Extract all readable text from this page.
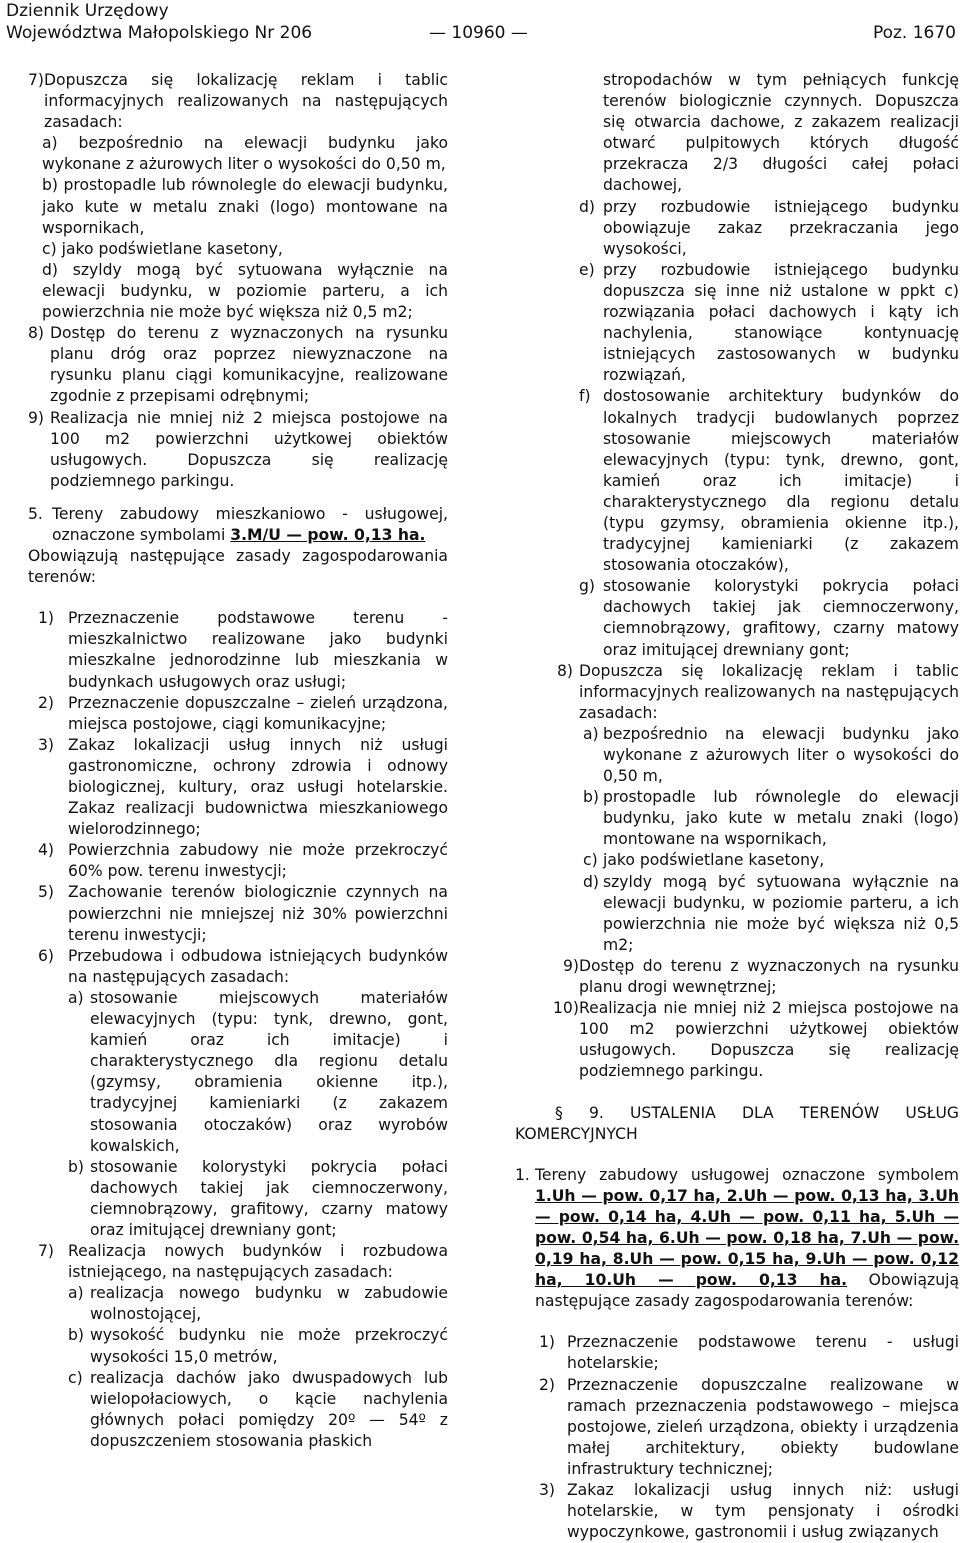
Dziennik Urzędowy
Województwa Małopolskiego Nr 206	— 10960 —	Poz. 1670
7) Dopuszcza się lokalizację reklam i tablic informacyjnych realizowanych na następujących zasadach:

a) bezpośrednio na elewacji budynku jako wykonane z ażurowych liter o wysokości do 0,50 m,

b) prostopadle lub równolegle do elewacji budynku, jako kute w metalu znaki (logo) montowane na wspornikach,

c) jako podświetlane kasetony,

d) szyldy mogą być sytuowana wyłącznie na elewacji budynku, w poziomie parteru, a ich powierzchnia nie może być większa niż 0,5 m2;

8) Dostęp do terenu z wyznaczonych na rysunku planu dróg oraz poprzez niewyznaczone na rysunku planu ciągi komunikacyjne, realizowane zgodnie z przepisami odrębnymi;
9) Realizacja nie mniej niż 2 miejsca postojowe na 100 m2 powierzchni użytkowej obiektów usługowych. Dopuszcza się realizację podziemnego parkingu.
5. Tereny zabudowy mieszkaniowo - usługowej, oznaczone symbolami 3.M/U — pow. 0,13 ha.

Obowiązują następujące zasady zagospodarowania terenów:

1) Przeznaczenie podstawowe terenu - mieszkalnictwo realizowane jako budynki mieszkalne jednorodzinne lub mieszkania w budynkach usługowych oraz usługi;
2) Przeznaczenie dopuszczalne – zieleń urządzona, miejsca postojowe, ciągi komunikacyjne;
3) Zakaz lokalizacji usług innych niż usługi gastronomiczne, ochrony zdrowia i odnowy biologicznej, kultury, oraz usługi hotelarskie. Zakaz realizacji budownictwa mieszkaniowego wielorodzinnego;
4) Powierzchnia zabudowy nie może przekroczyć 60% pow. terenu inwestycji;
5) Zachowanie terenów biologicznie czynnych na powierzchni nie mniejszej niż 30% powierzchni terenu inwestycji;
6) Przebudowa i odbudowa istniejących budynków na następujących zasadach:
a) stosowanie miejscowych materiałów elewacyjnych (typu: tynk, drewno, gont, kamień oraz ich imitacje) i charakterystycznego dla regionu detalu (gzymsy, obramienia okienne itp.), tradycyjnej kamieniarki (z zakazem stosowania otoczaków) oraz wyrobów kowalskich,
b) stosowanie kolorystyki pokrycia połaci dachowych takiej jak ciemnoczerwony, ciemnobrązowy, grafitowy, czarny matowy oraz imitującej drewniany gont;
7) Realizacja nowych budynków i rozbudowa istniejącego, na następujących zasadach:
a) realizacja nowego budynku w zabudowie wolnostojącej,
b) wysokość budynku nie może przekroczyć wysokości 15,0 metrów,
c) realizacja dachów jako dwuspadowych lub wielopołaciowych, o kącie nachylenia głównych połaci pomiędzy 20º — 54º z dopuszczeniem stosowania płaskich

stropodachów w tym pełniących funkcję terenów biologicznie czynnych. Dopuszcza się otwarcia dachowe, z zakazem realizacji otwarć pulpitowych których długość przekracza 2/3 długości całej połaci dachowej,

d) przy rozbudowie istniejącego budynku obowiązuje zakaz przekraczania jego wysokości,
e) przy rozbudowie istniejącego budynku dopuszcza się inne niż ustalone w ppkt c) rozwiązania połaci dachowych i kąty ich nachylenia, stanowiące kontynuację istniejących zastosowanych w budynku rozwiązań,
f) dostosowanie architektury budynków do lokalnych tradycji budowlanych poprzez stosowanie miejscowych materiałów elewacyjnych (typu: tynk, drewno, gont, kamień oraz ich imitacje) i charakterystycznego dla regionu detalu (typu gzymsy, obramienia okienne itp.), tradycyjnej kamieniarki (z zakazem stosowania otoczaków),
g) stosowanie kolorystyki pokrycia połaci dachowych takiej jak ciemnoczerwony, ciemnobrązowy, grafitowy, czarny matowy oraz imitującej drewniany gont;
8) Dopuszcza się lokalizację reklam i tablic informacyjnych realizowanych na następujących zasadach:
a) bezpośrednio na elewacji budynku jako wykonane z ażurowych liter o wysokości do 0,50 m,
b) prostopadle lub równolegle do elewacji budynku, jako kute w metalu znaki (logo) montowane na wspornikach,
c) jako podświetlane kasetony,
d) szyldy mogą być sytuowana wyłącznie na elewacji budynku, w poziomie parteru, a ich powierzchnia nie może być większa niż 0,5 m2;
9) Dostęp do terenu z wyznaczonych na rysunku planu drogi wewnętrznej;
10) Realizacja nie mniej niż 2 miejsca postojowe na 100 m2 powierzchni użytkowej obiektów usługowych. Dopuszcza się realizację podziemnego parkingu.

§ 9. USTALENIA DLA TERENÓW USŁUG KOMERCYJNYCH

1. Tereny zabudowy usługowej oznaczone symbolem 1.Uh — pow. 0,17 ha, 2.Uh — pow. 0,13 ha, 3.Uh — pow. 0,14 ha, 4.Uh — pow. 0,11 ha, 5.Uh — pow. 0,54 ha, 6.Uh — pow. 0,18 ha, 7.Uh — pow. 0,19 ha, 8.Uh — pow. 0,15 ha, 9.Uh — pow. 0,12 ha, 10.Uh — pow. 0,13 ha. Obowiązują następujące zasady zagospodarowania terenów:
1) Przeznaczenie podstawowe terenu - usługi hotelarskie;
2) Przeznaczenie dopuszczalne realizowane w ramach przeznaczenia podstawowego – miejsca postojowe, zieleń urządzona, obiekty i urządzenia małej architektury, obiekty budowlane infrastruktury technicznej;
3) Zakaz lokalizacji usług innych niż: usługi hotelarskie, w tym pensjonaty i ośrodki wypoczynkowe, gastronomii i usług związanych
